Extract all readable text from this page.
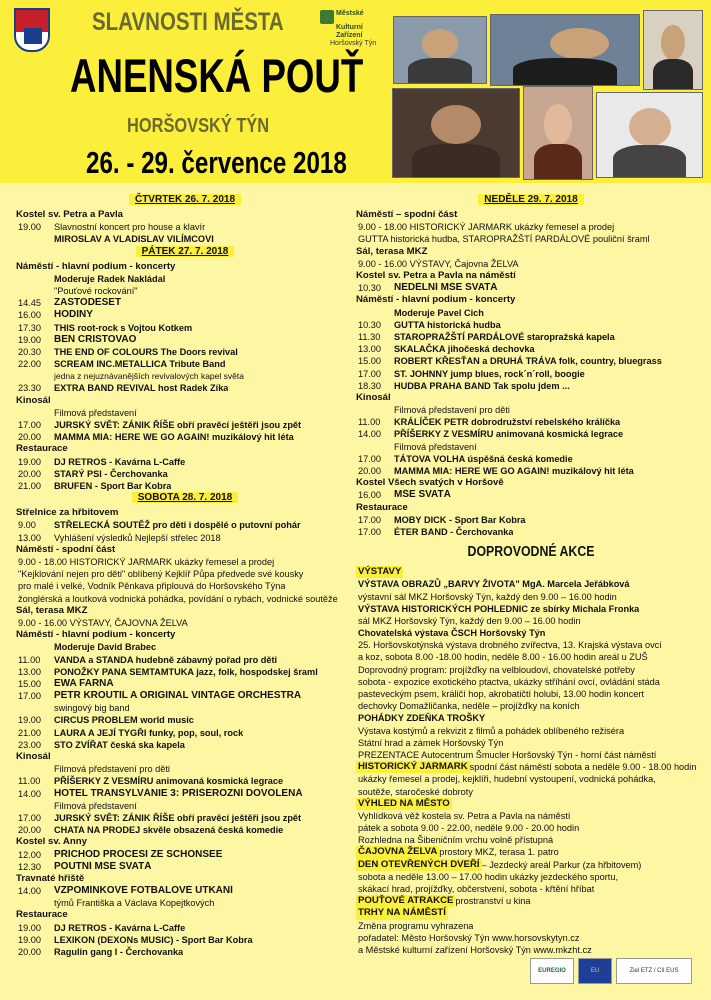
SLAVNOSTI MĚSTA
ANENSKÁ POUŤ
HORŠOVSKÝ TÝN
26. - 29. července 2018
Městské
Kulturní
Zařízení
Horšovský Týn
ČTVRTEK 26. 7. 2018
Kostel sv. Petra a Pavla
19.00	Slavnostní koncert pro house a klavír
MIROSLAV A VLADISLAV VILÍMCOVI
PÁTEK 27. 7. 2018
Náměstí - hlavní podium - koncerty
Moderuje Radek Nakládal
"Pouťové rockování"
14.45	ZASTODESET
16.00	HODINY
17.30	THIS root-rock s Vojtou Kotkem
19.00	BEN CRISTOVAO
20.30	THE END OF COLOURS The Doors revival
22.00	SCREAM INC.METALLICA Tribute Band
jedna z nejuznávanějších revivalových kapel světa
23.30	EXTRA BAND REVIVAL host Radek Zíka
Kinosál
Filmová představení
17.00	JURSKÝ SVĚT: ZÁNIK ŘÍŠE obří pravěcí ještěři jsou zpět
20.00	MAMMA MIA: HERE WE GO AGAIN! muzikálový hit léta
Restaurace
19.00	DJ RETROS - Kavárna L-Caffe
20.00	STARÝ PSI - Čerchovanka
21.00	BRUFEN - Sport Bar Kobra
SOBOTA 28. 7. 2018
Střelnice za hřbitovem
9.00	STŘELECKÁ SOUTĚŽ pro děti i dospělé o putovní pohár
13.00	Vyhlášení výsledků Nejlepší střelec 2018
Náměstí - spodní část
9.00 - 18.00 HISTORICKÝ JARMARK ukázky řemesel a prodej
"Kejklování nejen pro děti" oblíbený Kejklíř Půpa předvede své kousky
pro malé i velké, Vodník Pěnkava připlouvá do Horšovského Týna
žonglérská a loutková vodnická pohádka, povídání o rybách, vodnické soutěže
Sál, terasa MKZ
9.00 - 16.00 VÝSTAVY, ČAJOVNA ŽELVA
Náměstí - hlavní podium - koncerty
Moderuje David Brabec
11.00	VANDA a STANDA hudebně zábavný pořad pro děti
13.00	PONOŽKY PANA SEMTAMTUKA jazz, folk, hospodskej šraml
15.00	EWA FARNA
17.00	PETR KROUTIL A ORIGINAL VINTAGE ORCHESTRA
swingový big band
19.00	CIRCUS PROBLEM world music
21.00	LAURA A JEJÍ TYGŘI funky, pop, soul, rock
23.00	STO ZVÍŘAT česká ska kapela
Kinosál
Filmová představení pro děti
11.00	PŘÍŠERKY Z VESMÍRU animovaná kosmická legrace
14.00	HOTEL TRANSYLVÁNIE 3: PŘÍŠEROZNÍ DOVOLENÁ
Filmová představení
17.00	JURSKÝ SVĚT: ZÁNIK ŘÍŠE obří pravěcí ještěři jsou zpět
20.00	CHATA NA PRODEJ skvěle obsazená česká komedie
Kostel sv. Anny
12.00	PŘÍCHOD PROCESÍ ZE SCHÖNSEE
12.30	POUTNÍ MŠE SVATÁ
Travnaté hřiště
14.00	VZPOMÍNKOVÉ FOTBALOVÉ UTKÁNÍ
týmů Františka a Václava Kopejtkových
Restaurace
19.00	DJ RETROS - Kavárna L-Caffe
19.00	LEXIKON (DEXONs MUSIC) - Sport Bar Kobra
20.00	Ragulin gang I - Čerchovanka
NEDĚLE 29. 7. 2018
Náměstí – spodní část
9.00 - 18.00 HISTORICKÝ JARMARK ukázky řemesel a prodej
GUTTA historická hudba, STAROPRAŽŠTÍ PARDÁLOVÉ pouliční šraml
Sál, terasa MKZ
9.00 - 16.00 VÝSTAVY, Čajovna ŽELVA
Kostel sv. Petra a Pavla na náměstí
10.30	NEDĚLNÍ MŠE SVATÁ
Náměstí - hlavní podium - koncerty
Moderuje Pavel Cich
10.30	GUTTA historická hudba
11.30	STAROPRAŽŠTÍ PARDÁLOVÉ staropražská kapela
13.00	SKALAČKA jihočeská dechovka
15.00	ROBERT KŘESŤAN a DRUHÁ TRÁVA folk, country, bluegrass
17.00	ST. JOHNNY jump blues, rock´n´roll, boogie
18.30	HUDBA PRAHA BAND Tak spolu jdem ...
Kinosál
Filmová představení pro děti
11.00	KRÁLÍČEK PETR dobrodružství rebelského králíčka
14.00	PŘÍŠERKY Z VESMÍRU animovaná kosmická legrace
Filmová představení
17.00	TÁTOVA VOLHA úspěšná česká komedie
20.00	MAMMA MIA: HERE WE GO AGAIN! muzikálový hit léta
Kostel Všech svatých v Horšově
16.00	MŠE SVATÁ
Restaurace
17.00	MOBY DICK - Sport Bar Kobra
17.00	ÉTER BAND - Čerchovanka
DOPROVODNÉ AKCE
VÝSTAVY
VÝSTAVA OBRAZŮ „BARVY ŽIVOTA" MgA. Marcela Jeřábková
výstavní sál MKZ Horšovský Týn, každý den 9.00 – 16.00 hodin
VÝSTAVA HISTORICKÝCH POHLEDNIC ze sbírky Michala Fronka
sál MKZ Horšovský Týn, každý den 9.00 – 16.00 hodin
Chovatelská výstava ČSCH Horšovský Týn
25. Horšovskotýnská výstava drobného zvířectva, 13. Krajská výstava ovcí
a koz, sobota 8.00 -18.00 hodin, neděle 8.00 - 16.00 hodin areál u ZUŠ
Doprovodný program: projížďky na velbloudovi, chovatelské potřeby
sobota - expozice exotického ptactva, ukázky stříhání ovcí, ovládání stáda
pasteveckým psem, králičí hop, akrobatičtí holubi, 13.00 hodin koncert
dechovky Domažličanka, neděle – projížďky na koních
POHÁDKY ZDEŇKA TROŠKY
Výstava kostýmů a rekvizit z filmů a pohádek oblíbeného režiséra
Státní hrad a zámek Horšovský Týn
PREZENTACE Autocentrum Šmucler Horšovský Týn - horní část náměstí
HISTORICKÝ JARMARK spodní část náměstí sobota a neděle 9.00 - 18.00 hodin
ukázky řemesel a prodej, kejklíři, hudební vystoupení, vodnická pohádka,
soutěže, staročeské dobroty
VÝHLED NA MĚSTO
Vyhlídková věž kostela sv. Petra a Pavla na náměstí
pátek a sobota 9.00 - 22.00, neděle 9.00 - 20.00 hodin
Rozhledna na Šibeničním vrchu volně přístupná
ČAJOVNA ŽELVA prostory MKZ, terasa 1. patro
DEN OTEVŘENÝCH DVEŘÍ – Jezdecký areál Parkur (za hřbitovem)
sobota a neděle 13.00 – 17.00 hodin ukázky jezdeckého sportu,
skákací hrad, projížďky, občerstvení, sobota - křtění hříbat
POUŤOVÉ ATRAKCE prostranství u kina
TRHY NA NÁMĚSTÍ
Změna programu vyhrazena
pořadatel: Město Horšovský Týn www.horsovskytyn.cz
a Městské kulturní zařízení Horšovský Týn www.mkzht.cz
EUREGIO	EU	Ziel ETZ / Cíl EUS
